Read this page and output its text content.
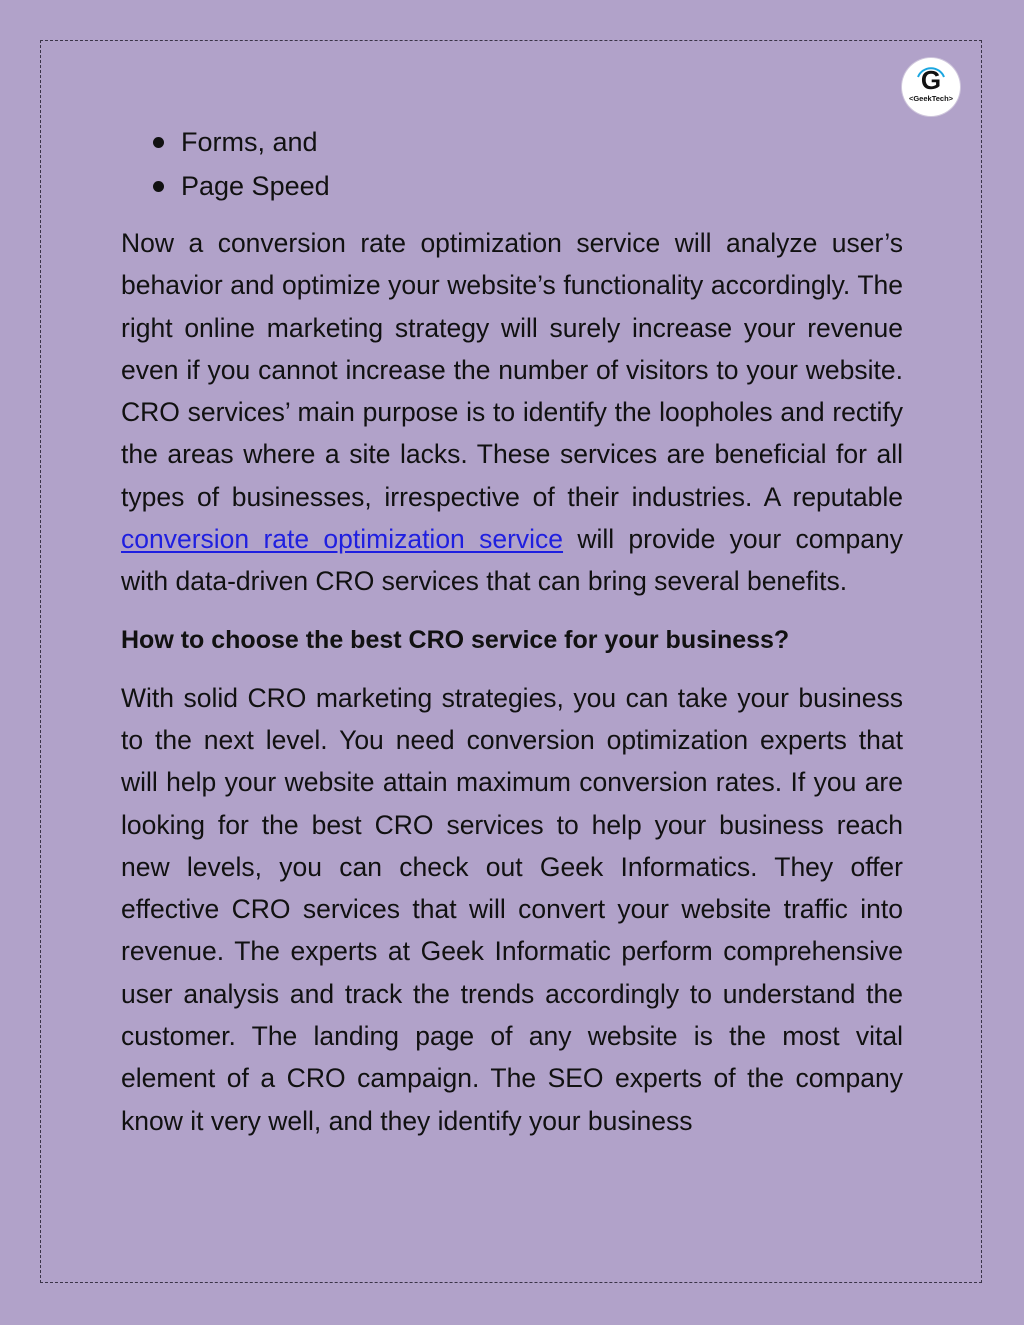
G
<GeekTech>
Forms, and
Page Speed

Now a conversion rate optimization service will analyze user’s behavior and optimize your website’s functionality accordingly. The right online marketing strategy will surely increase your revenue even if you cannot increase the number of visitors to your website. CRO services’ main purpose is to identify the loopholes and rectify the areas where a site lacks. These services are beneficial for all types of businesses, irrespective of their industries. A reputable conversion rate optimization service will provide your company with data-driven CRO services that can bring several benefits.

How to choose the best CRO service for your business?

With solid CRO marketing strategies, you can take your business to the next level. You need conversion optimization experts that will help your website attain maximum conversion rates. If you are looking for the best CRO services to help your business reach new levels, you can check out Geek Informatics. They offer effective CRO services that will convert your website traffic into revenue. The experts at Geek Informatic perform comprehensive user analysis and track the trends accordingly to understand the customer. The landing page of any website is the most vital element of a CRO campaign. The SEO experts of the company know it very well, and they identify your business
